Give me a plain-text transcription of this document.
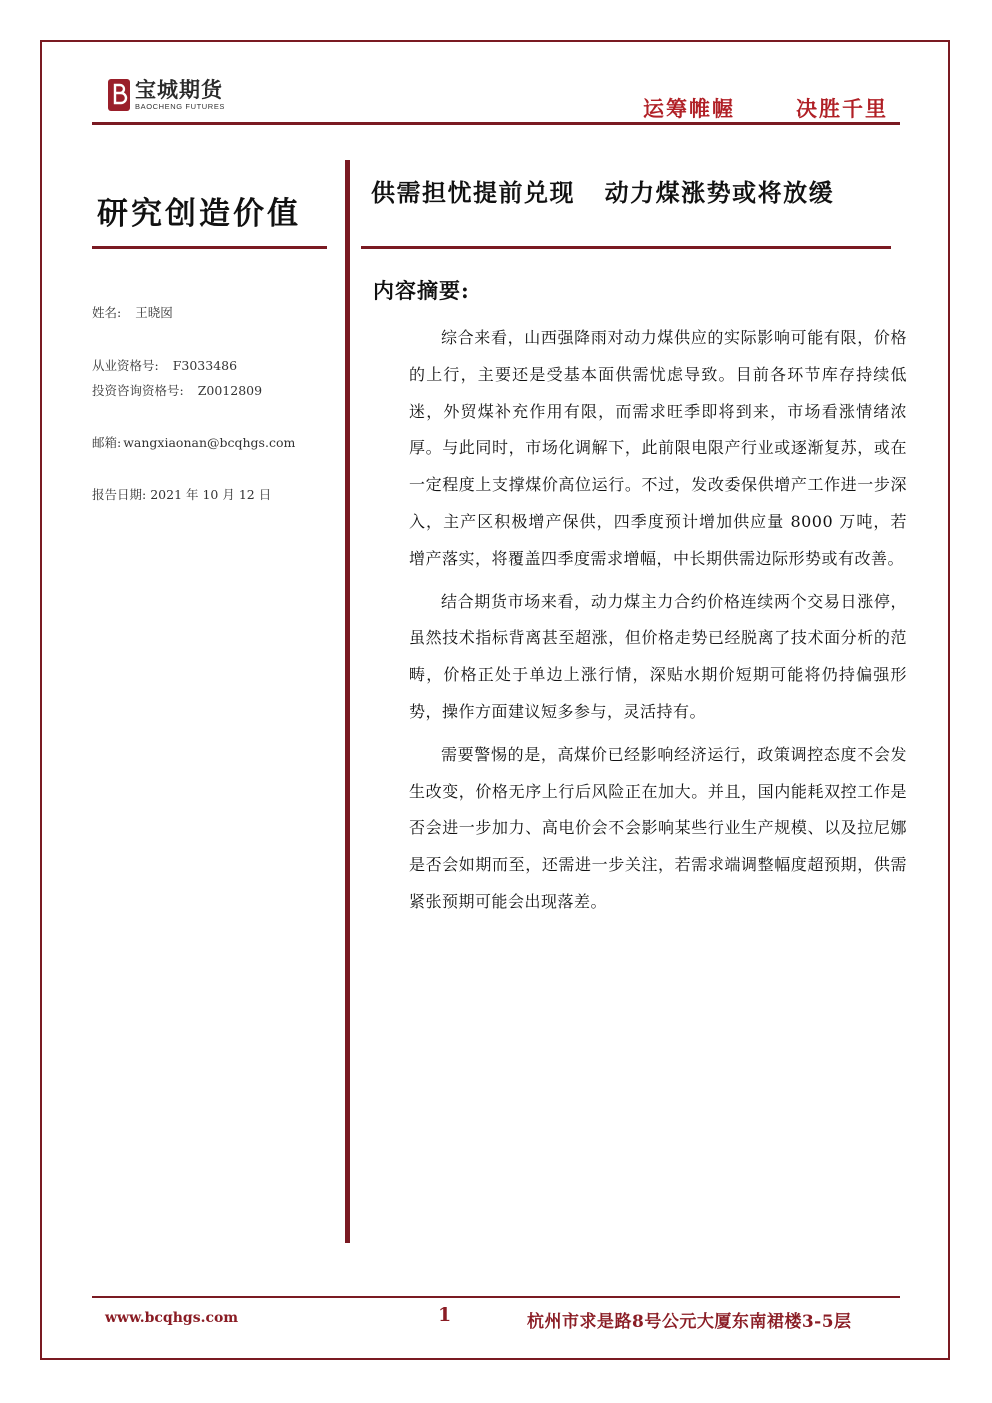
宝城期货
BAOCHENG FUTURES	运筹帷幄	决胜千里
研究创造价值
供需担忧提前兑现   动力煤涨势或将放缓
姓名: 王晓囡
从业资格号: F3033486
投资咨询资格号: Z0012809
邮箱: wangxiaonan@bcqhgs.com
报告日期: 2021 年 10 月 12 日
内容摘要:

综合来看，山西强降雨对动力煤供应的实际影响可能有限，价格的上行，主要还是受基本面供需忧虑导致。目前各环节库存持续低迷，外贸煤补充作用有限，而需求旺季即将到来，市场看涨情绪浓厚。与此同时，市场化调解下，此前限电限产行业或逐渐复苏，或在一定程度上支撑煤价高位运行。不过，发改委保供增产工作进一步深入，主产区积极增产保供，四季度预计增加供应量 8000 万吨，若增产落实，将覆盖四季度需求增幅，中长期供需边际形势或有改善。

结合期货市场来看，动力煤主力合约价格连续两个交易日涨停，虽然技术指标背离甚至超涨，但价格走势已经脱离了技术面分析的范畴，价格正处于单边上涨行情，深贴水期价短期可能将仍持偏强形势，操作方面建议短多参与，灵活持有。

需要警惕的是，高煤价已经影响经济运行，政策调控态度不会发生改变，价格无序上行后风险正在加大。并且，国内能耗双控工作是否会进一步加力、高电价会不会影响某些行业生产规模、以及拉尼娜是否会如期而至，还需进一步关注，若需求端调整幅度超预期，供需紧张预期可能会出现落差。

www.bcqhgs.com	1	杭州市求是路8号公元大厦东南裙楼3-5层
